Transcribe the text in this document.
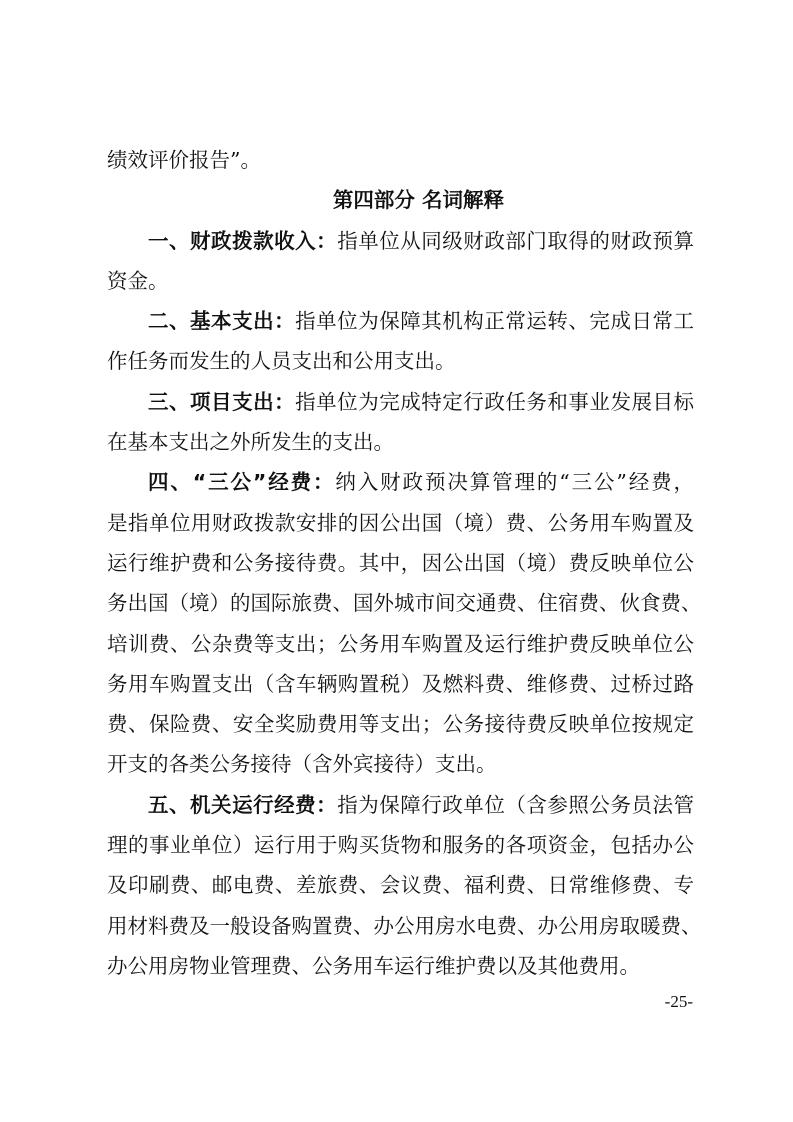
绩效评价报告”。
第四部分 名词解释
一、财政拨款收入：指单位从同级财政部门取得的财政预算
资金。
二、基本支出：指单位为保障其机构正常运转、完成日常工
作任务而发生的人员支出和公用支出。
三、项目支出：指单位为完成特定行政任务和事业发展目标
在基本支出之外所发生的支出。
四、“三公”经费：纳入财政预决算管理的“三公”经费，
是指单位用财政拨款安排的因公出国（境）费、公务用车购置及
运行维护费和公务接待费。其中，因公出国（境）费反映单位公
务出国（境）的国际旅费、国外城市间交通费、住宿费、伙食费、
培训费、公杂费等支出；公务用车购置及运行维护费反映单位公
务用车购置支出（含车辆购置税）及燃料费、维修费、过桥过路
费、保险费、安全奖励费用等支出；公务接待费反映单位按规定
开支的各类公务接待（含外宾接待）支出。
五、机关运行经费：指为保障行政单位（含参照公务员法管
理的事业单位）运行用于购买货物和服务的各项资金，包括办公
及印刷费、邮电费、差旅费、会议费、福利费、日常维修费、专
用材料费及一般设备购置费、办公用房水电费、办公用房取暖费、
办公用房物业管理费、公务用车运行维护费以及其他费用。
-25-
